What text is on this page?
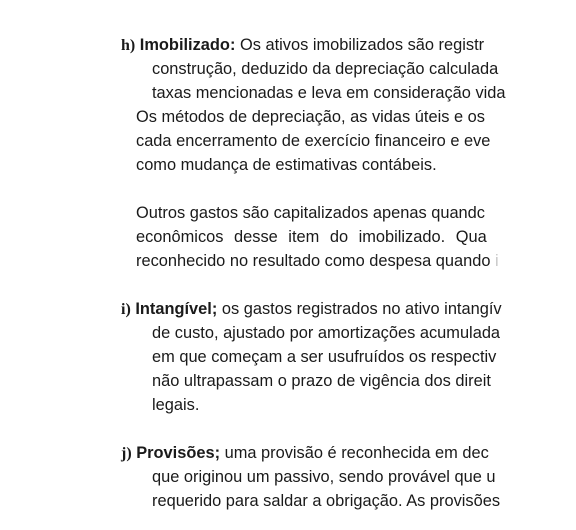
h) Imobilizado: Os ativos imobilizados são registr
construção, deduzido da depreciação calculada
taxas mencionadas e leva em consideração vida
Os métodos de depreciação, as vidas úteis e os
cada encerramento de exercício financeiro e eve
como mudança de estimativas contábeis.
Outros gastos são capitalizados apenas quandc
econômicos desse item do imobilizado. Qua
reconhecido no resultado como despesa quando i
i) Intangível; os gastos registrados no ativo intangív
de custo, ajustado por amortizações acumulada
em que começam a ser usufruídos os respectiv
não ultrapassam o prazo de vigência dos direit
legais.
j) Provisões; uma provisão é reconhecida em dec
que originou um passivo, sendo provável que u
requerido para saldar a obrigação. As provisões
